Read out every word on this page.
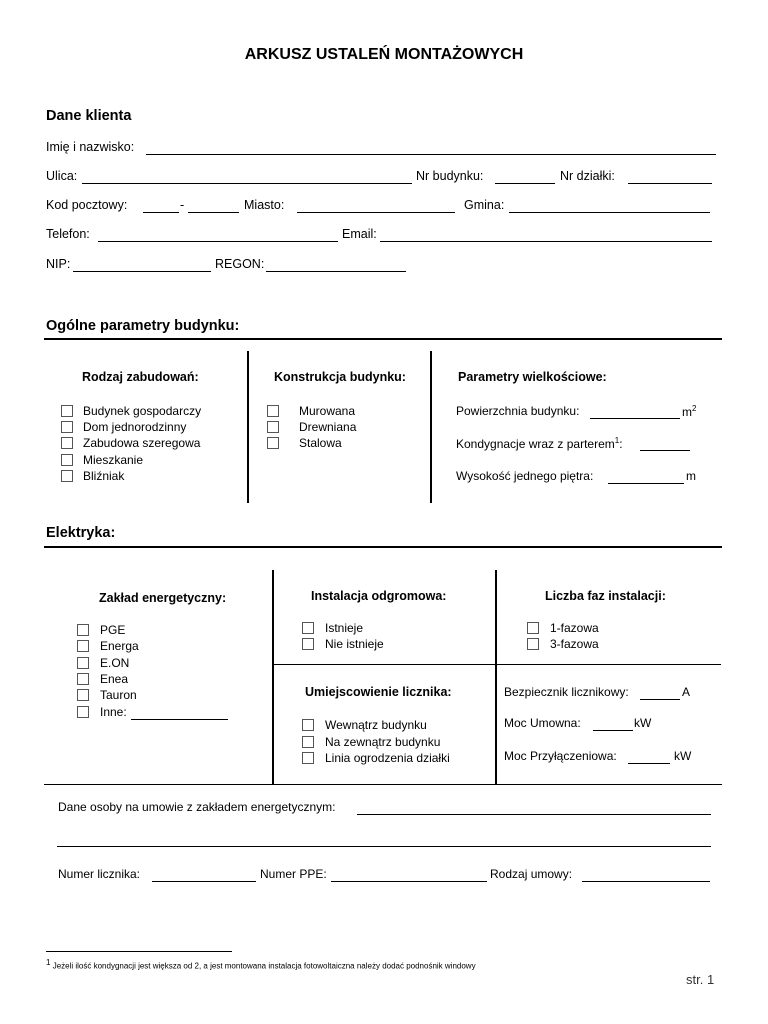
ARKUSZ USTALEŃ MONTAŻOWYCH
Dane klienta
Imię i nazwisko:
Ulica:	Nr budynku:	Nr działki:
Kod pocztowy:	-	Miasto:	Gmina:
Telefon:	Email:
NIP:	REGON:
Ogólne parametry budynku:
Rodzaj zabudowań:
Budynek gospodarczy
Dom jednorodzinny
Zabudowa szeregowa
Mieszkanie
Bliźniak
Konstrukcja budynku:
Murowana
Drewniana
Stalowa
Parametry wielkościowe:
Powierzchnia budynku:	$m^2$
Kondygnacje wraz z parterem$^1$:
Wysokość jednego piętra:	m
Elektryka:
Zakład energetyczny:
PGE
Energa
E.ON
Enea
Tauron
Inne:
Instalacja odgromowa:
Istnieje
Nie istnieje
Liczba faz instalacji:
1-fazowa
3-fazowa
Umiejscowienie licznika:
Wewnątrz budynku
Na zewnątrz budynku
Linia ogrodzenia działki
Bezpiecznik licznikowy:	A
Moc Umowna:	kW
Moc Przyłączeniowa:	kW
Dane osoby na umowie z zakładem energetycznym:
Numer licznika:	Numer PPE:	Rodzaj umowy:
$^1$ Jeżeli ilość kondygnacji jest większa od 2, a jest montowana instalacja fotowoltaiczna należy dodać podnośnik windowy
str. 1
